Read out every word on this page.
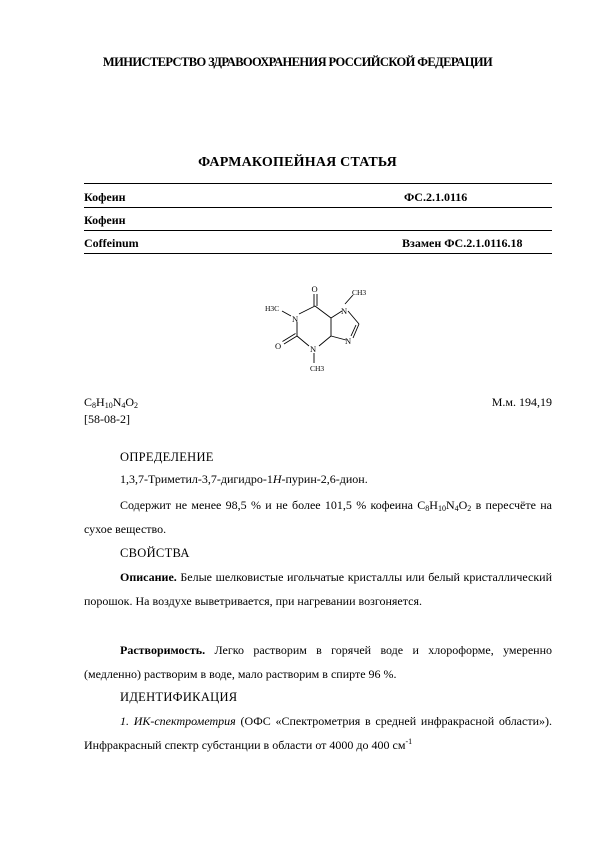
МИНИСТЕРСТВО ЗДРАВООХРАНЕНИЯ РОССИЙСКОЙ ФЕДЕРАЦИИ
ФАРМАКОПЕЙНАЯ СТАТЬЯ
Кофеин	ФС.2.1.0116
Кофеин
Coffeinum	Взамен ФС.2.1.0116.18
O
O
N
N
N
N
H3C
CH3
CH3
$C_8H_{10}N_4O_2$	М.м. 194,19
[58-08-2]
ОПРЕДЕЛЕНИЕ
1,3,7-Триметил-3,7-дигидро-1H-пурин-2,6-дион.
Содержит не менее 98,5 % и не более 101,5 % кофеина $C_8H_{10}N_4O_2$ в пересчёте на сухое вещество.
СВОЙСТВА
Описание. Белые шелковистые игольчатые кристаллы или белый кристаллический порошок. На воздухе выветривается, при нагревании возгоняется.
Растворимость. Легко растворим в горячей воде и хлороформе, умеренно (медленно) растворим в воде, мало растворим в спирте 96 %.
ИДЕНТИФИКАЦИЯ
1. ИК-спектрометрия (ОФС «Спектрометрия в средней инфракрасной области»). Инфракрасный спектр субстанции в области от 4000 до 400 $см^{-1}$
